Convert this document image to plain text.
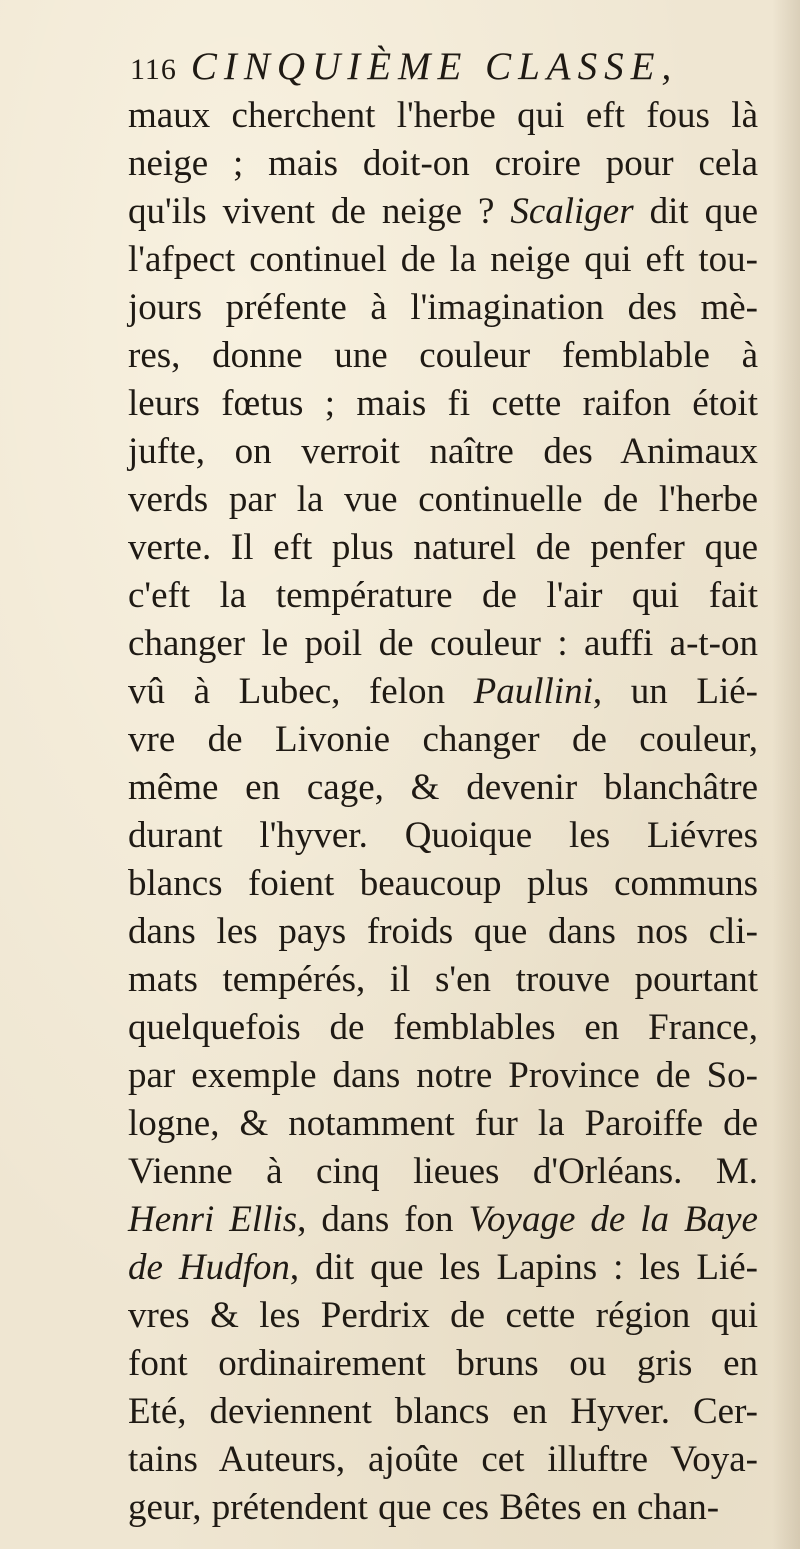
116 CINQUIÈME CLASSE,
maux cherchent l'herbe qui eft fous là
neige ; mais doit-on croire pour cela
qu'ils vivent de neige ? Scaliger dit que
l'afpect continuel de la neige qui eft tou-
jours préfente à l'imagination des mè-
res, donne une couleur femblable à
leurs fœtus ; mais fi cette raifon étoit
jufte, on verroit naître des Animaux
verds par la vue continuelle de l'herbe
verte. Il eft plus naturel de penfer que
c'eft la température de l'air qui fait
changer le poil de couleur : auffi a-t-on
vû à Lubec, felon Paullini, un Lié-
vre de Livonie changer de couleur,
même en cage, & devenir blanchâtre
durant l'hyver. Quoique les Liévres
blancs foient beaucoup plus communs
dans les pays froids que dans nos cli-
mats tempérés, il s'en trouve pourtant
quelquefois de femblables en France,
par exemple dans notre Province de So-
logne, & notamment fur la Paroiffe de
Vienne à cinq lieues d'Orléans. M.
Henri Ellis, dans fon Voyage de la Baye
de Hudfon, dit que les Lapins : les Lié-
vres & les Perdrix de cette région qui
font ordinairement bruns ou gris en
Eté, deviennent blancs en Hyver. Cer-
tains Auteurs, ajoûte cet illuftre Voya-
geur, prétendent que ces Bêtes en chan-
